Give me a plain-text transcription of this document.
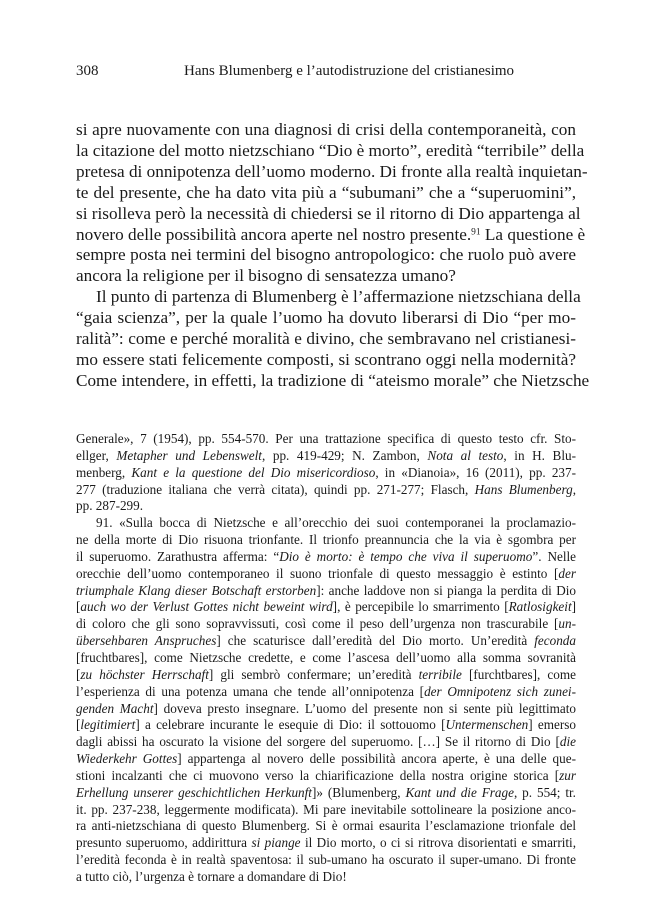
308	Hans Blumenberg e l’autodistruzione del cristianesimo
si apre nuovamente con una diagnosi di crisi della contemporaneità, con
la citazione del motto nietzschiano “Dio è morto”, eredità “terribile” della
pretesa di onnipotenza dell’uomo moderno. Di fronte alla realtà inquietan-
te del presente, che ha dato vita più a “subumani” che a “superuomini”,
si risolleva però la necessità di chiedersi se il ritorno di Dio appartenga al
novero delle possibilità ancora aperte nel nostro presente.$^{91}$ La questione è
sempre posta nei termini del bisogno antropologico: che ruolo può avere
ancora la religione per il bisogno di sensatezza umano?
Il punto di partenza di Blumenberg è l’affermazione nietzschiana della
“gaia scienza”, per la quale l’uomo ha dovuto liberarsi di Dio “per mo-
ralità”: come e perché moralità e divino, che sembravano nel cristianesi-
mo essere stati felicemente composti, si scontrano oggi nella modernità?
Come intendere, in effetti, la tradizione di “ateismo morale” che Nietzsche
Generale», 7 (1954), pp. 554-570. Per una trattazione specifica di questo testo cfr. Sto-
ellger, Metapher und Lebenswelt, pp. 419-429; N. Zambon, Nota al testo, in H. Blu-
menberg, Kant e la questione del Dio misericordioso, in «Dianoia», 16 (2011), pp. 237-
277 (traduzione italiana che verrà citata), quindi pp. 271-277; Flasch, Hans Blumenberg,
pp. 287-299.
91. «Sulla bocca di Nietzsche e all’orecchio dei suoi contemporanei la proclamazio-
ne della morte di Dio risuona trionfante. Il trionfo preannuncia che la via è sgombra per
il superuomo. Zarathustra afferma: “Dio è morto: è tempo che viva il superuomo”. Nelle
orecchie dell’uomo contemporaneo il suono trionfale di questo messaggio è estinto [der
triumphale Klang dieser Botschaft erstorben]: anche laddove non si pianga la perdita di Dio
[auch wo der Verlust Gottes nicht beweint wird], è percepibile lo smarrimento [Ratlosigkeit]
di coloro che gli sono sopravvissuti, così come il peso dell’urgenza non trascurabile [un-
übersehbaren Anspruches] che scaturisce dall’eredità del Dio morto. Un’eredità feconda
[fruchtbares], come Nietzsche credette, e come l’ascesa dell’uomo alla somma sovranità
[zu höchster Herrschaft] gli sembrò confermare; un’eredità terribile [furchtbares], come
l’esperienza di una potenza umana che tende all’onnipotenza [der Omnipotenz sich zunei-
genden Macht] doveva presto insegnare. L’uomo del presente non si sente più legittimato
[legitimiert] a celebrare incurante le esequie di Dio: il sottouomo [Untermenschen] emerso
dagli abissi ha oscurato la visione del sorgere del superuomo. […] Se il ritorno di Dio [die
Wiederkehr Gottes] appartenga al novero delle possibilità ancora aperte, è una delle que-
stioni incalzanti che ci muovono verso la chiarificazione della nostra origine storica [zur
Erhellung unserer geschichtlichen Herkunft]» (Blumenberg, Kant und die Frage, p. 554; tr.
it. pp. 237-238, leggermente modificata). Mi pare inevitabile sottolineare la posizione anco-
ra anti-nietzschiana di questo Blumenberg. Si è ormai esaurita l’esclamazione trionfale del
presunto superuomo, addirittura si piange il Dio morto, o ci si ritrova disorientati e smarriti,
l’eredità feconda è in realtà spaventosa: il sub-umano ha oscurato il super-umano. Di fronte
a tutto ciò, l’urgenza è tornare a domandare di Dio!
